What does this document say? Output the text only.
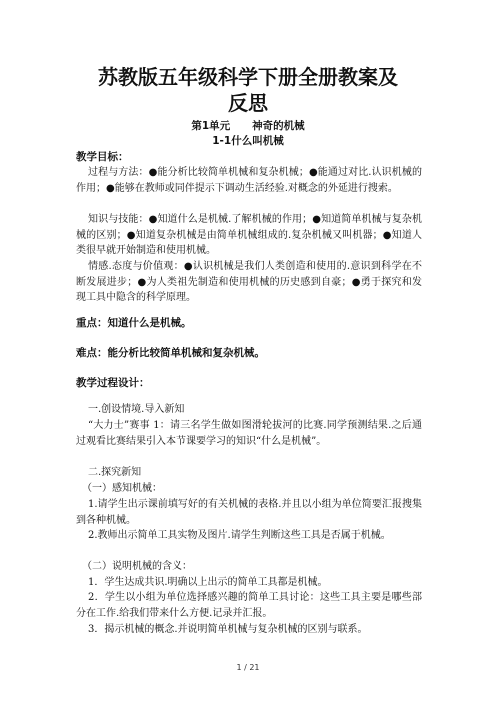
苏教版五年级科学下册全册教案及
反思
第1单元      神奇的机械
1-1什么叫机械
教学目标：
过程与方法：●能分析比较简单机械和复杂机械；●能通过对比.认识机械的作用；●能够在教师或同伴提示下调动生活经验.对概念的外延进行搜索。
知识与技能：●知道什么是机械.了解机械的作用；●知道简单机械与复杂机械的区别；●知道复杂机械是由简单机械组成的.复杂机械又叫机器；●知道人类很早就开始制造和使用机械。
情感.态度与价值观：●认识机械是我们人类创造和使用的.意识到科学在不断发展进步；●为人类祖先制造和使用机械的历史感到自豪；●勇于探究和发现工具中隐含的科学原理。
重点：知道什么是机械。
难点：能分析比较简单机械和复杂机械。
教学过程设计：
一.创设情境.导入新知
“大力士”赛事 1：请三名学生做如图滑轮拔河的比赛.同学预测结果.之后通过观看比赛结果引入本节课要学习的知识“什么是机械”。
二.探究新知
（一）感知机械：
1.请学生出示课前填写好的有关机械的表格.并且以小组为单位简要汇报搜集到各种机械。
2.教师出示简单工具实物及图片.请学生判断这些工具是否属于机械。
（二）说明机械的含义：
1．学生达成共识.明确以上出示的简单工具都是机械。
2．学生以小组为单位选择感兴趣的简单工具讨论：这些工具主要是哪些部分在工作.给我们带来什么方便.记录并汇报。
3．揭示机械的概念.并说明简单机械与复杂机械的区别与联系。
1 / 21
